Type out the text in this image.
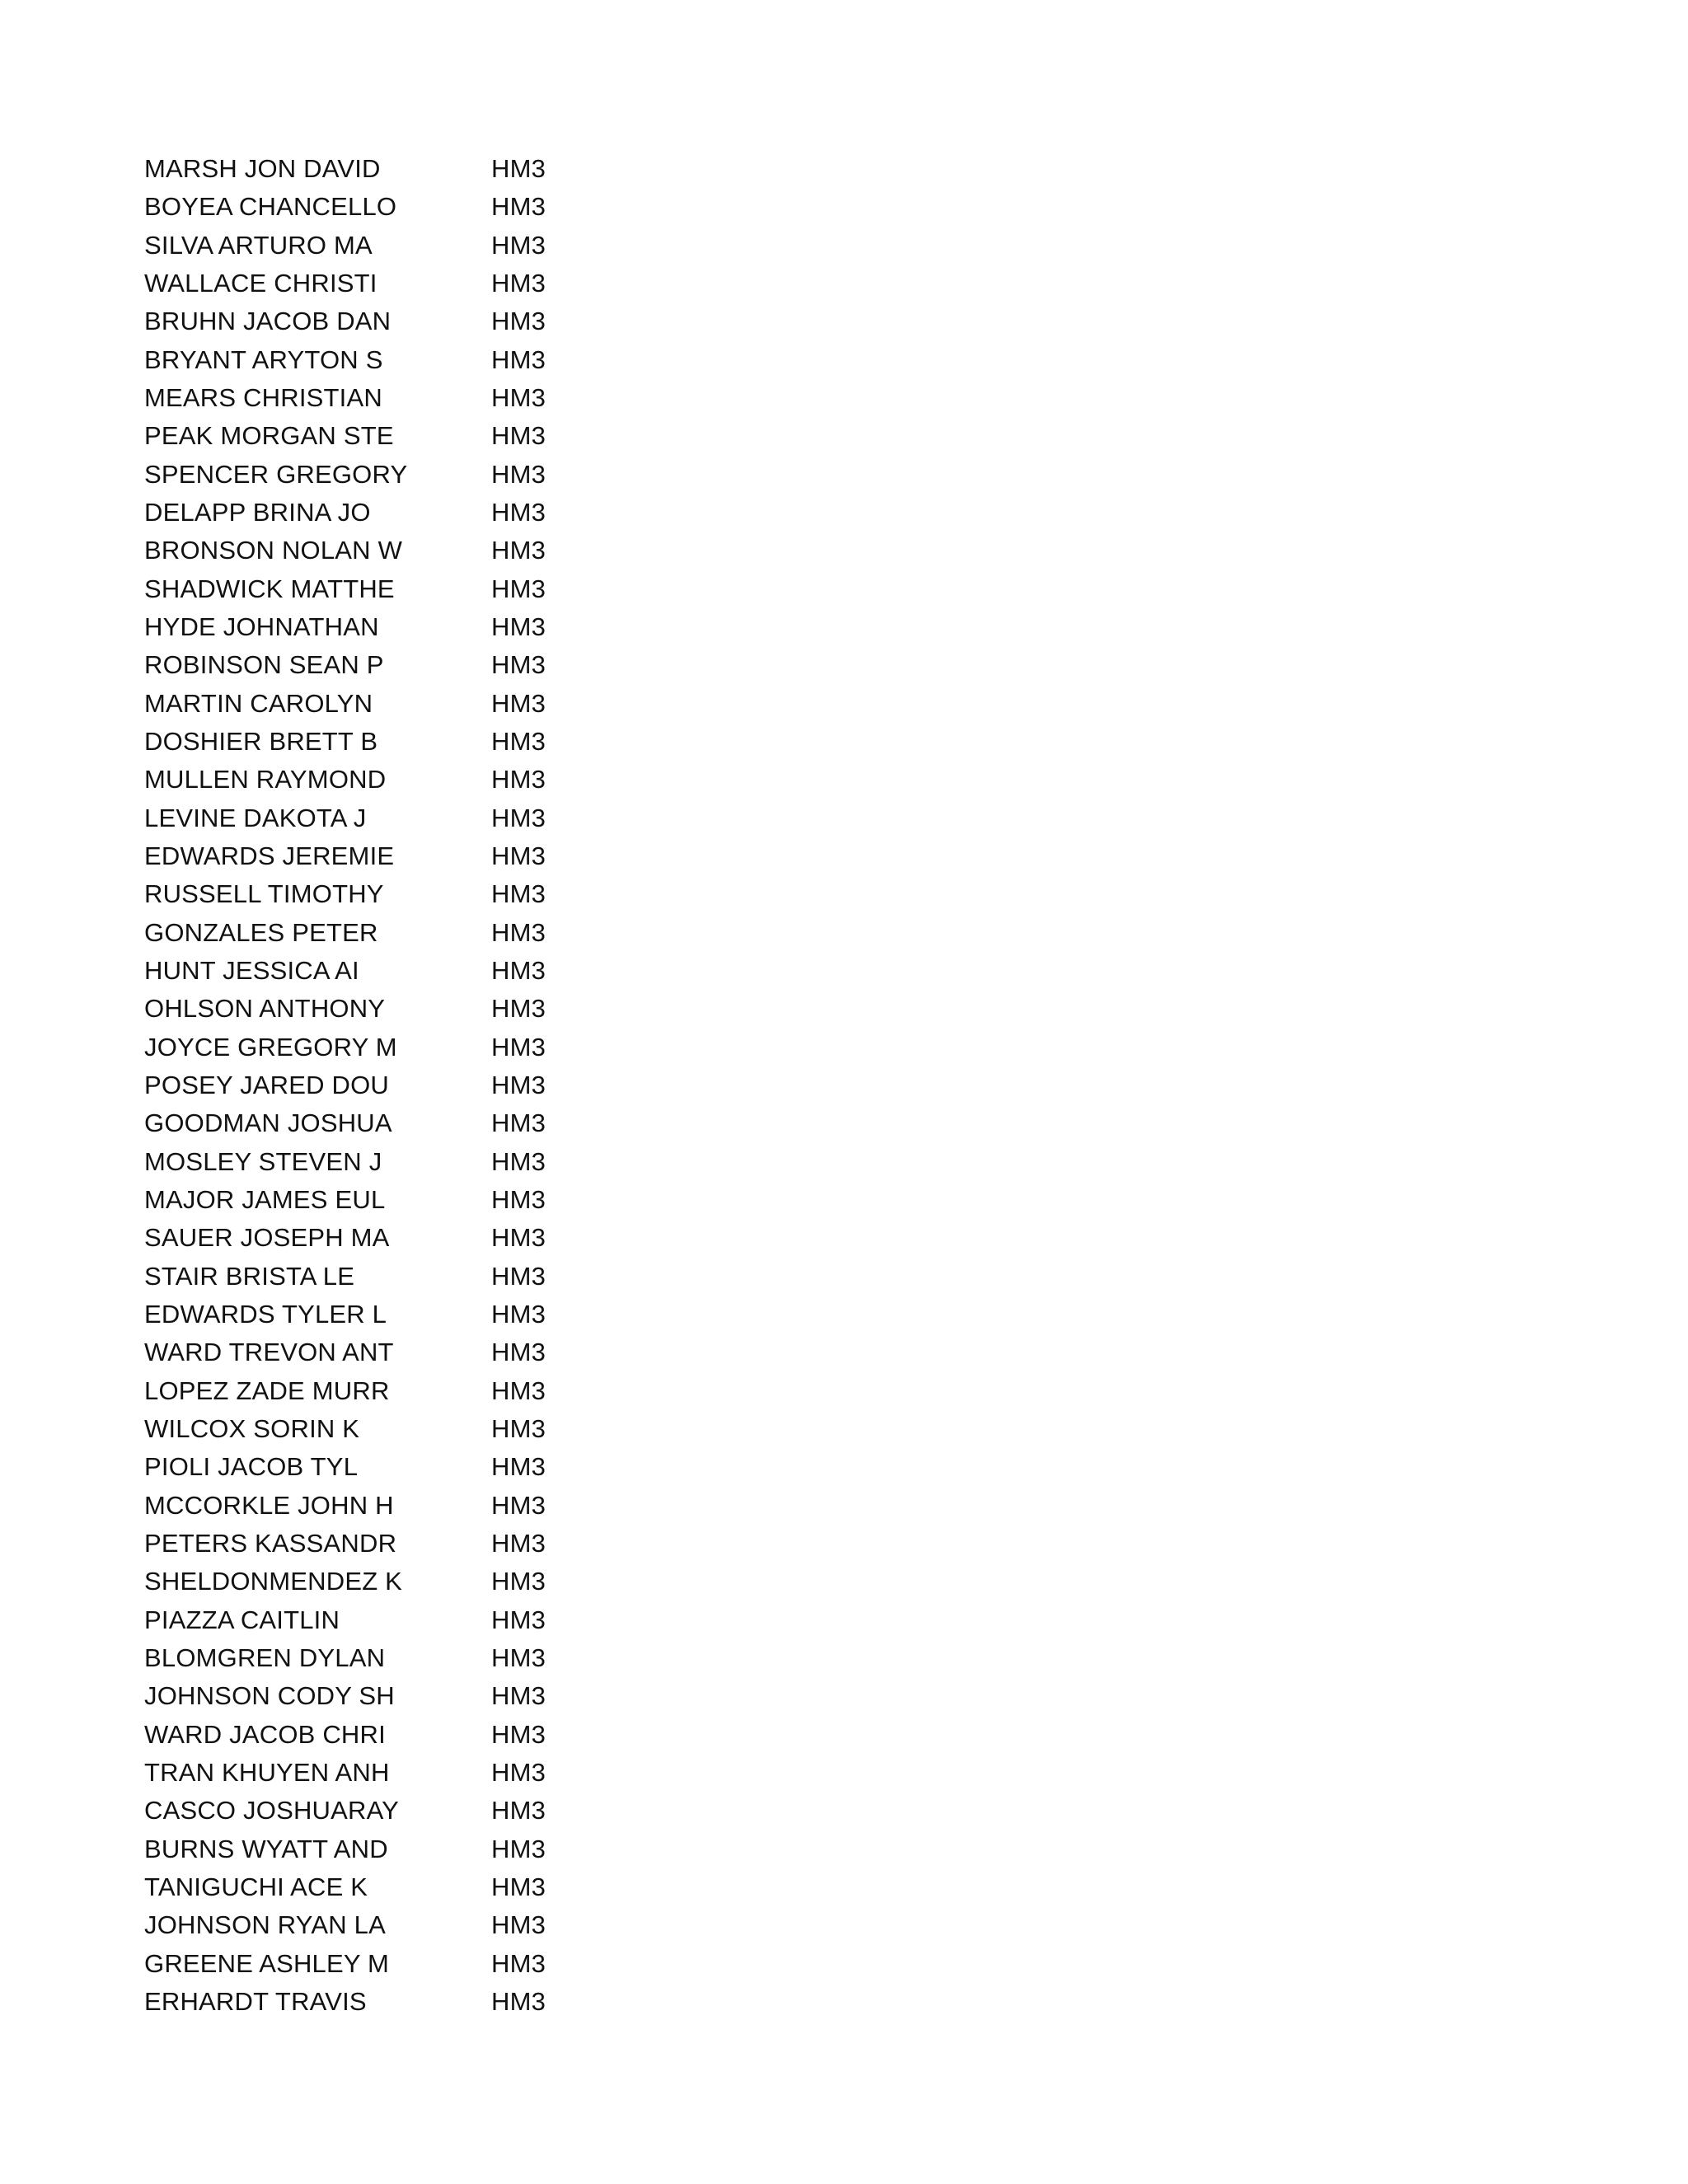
MARSH JON DAVID	HM3
BOYEA CHANCELLO	HM3
SILVA ARTURO MA	HM3
WALLACE CHRISTI	HM3
BRUHN JACOB DAN	HM3
BRYANT ARYTON S	HM3
MEARS CHRISTIAN	HM3
PEAK MORGAN STE	HM3
SPENCER GREGORY	HM3
DELAPP BRINA JO	HM3
BRONSON NOLAN W	HM3
SHADWICK MATTHE	HM3
HYDE JOHNATHAN	HM3
ROBINSON SEAN P	HM3
MARTIN CAROLYN	HM3
DOSHIER BRETT B	HM3
MULLEN RAYMOND	HM3
LEVINE DAKOTA J	HM3
EDWARDS JEREMIE	HM3
RUSSELL TIMOTHY	HM3
GONZALES PETER	HM3
HUNT JESSICA AI	HM3
OHLSON ANTHONY	HM3
JOYCE GREGORY M	HM3
POSEY JARED DOU	HM3
GOODMAN JOSHUA	HM3
MOSLEY STEVEN J	HM3
MAJOR JAMES EUL	HM3
SAUER JOSEPH MA	HM3
STAIR BRISTA LE	HM3
EDWARDS TYLER L	HM3
WARD TREVON ANT	HM3
LOPEZ ZADE MURR	HM3
WILCOX SORIN K	HM3
PIOLI JACOB TYL	HM3
MCCORKLE JOHN H	HM3
PETERS KASSANDR	HM3
SHELDONMENDEZ K	HM3
PIAZZA CAITLIN	HM3
BLOMGREN DYLAN	HM3
JOHNSON CODY SH	HM3
WARD JACOB CHRI	HM3
TRAN KHUYEN ANH	HM3
CASCO JOSHUARAY	HM3
BURNS WYATT AND	HM3
TANIGUCHI ACE K	HM3
JOHNSON RYAN LA	HM3
GREENE ASHLEY M	HM3
ERHARDT TRAVIS	HM3
